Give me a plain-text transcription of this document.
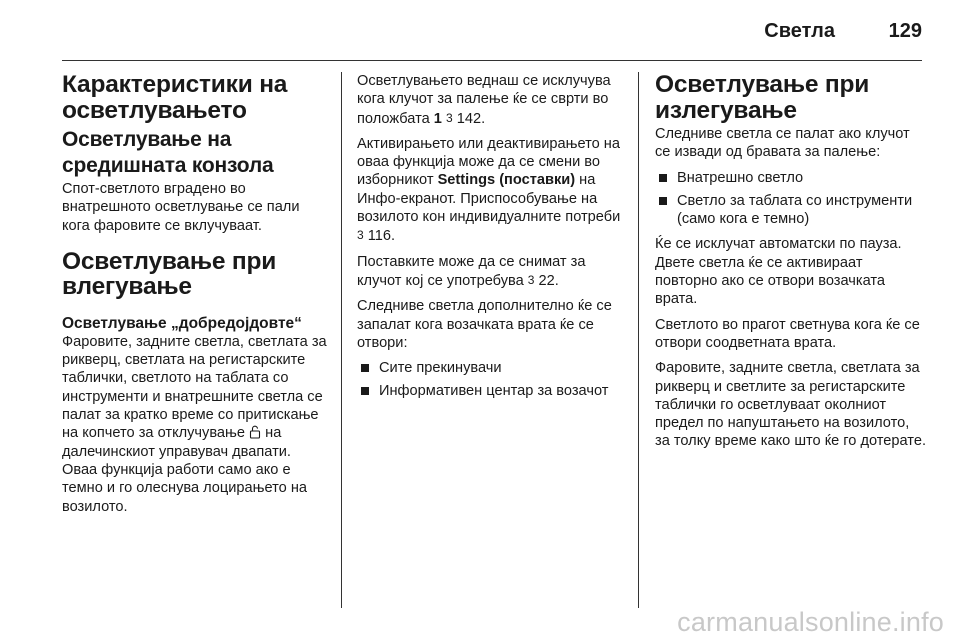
Светла	129
Карактеристики на осветлувањето
Осветлување на средишната конзола

Спот-светлото вградено во внатрешното осветлување се пали кога фаровите се вклучуваат.

Осветлување при влегување
Осветлување „добредојдовте“

Фаровите, задните светла, светлата за рикверц, светлата на регистарските таблички, светлото на таблата со инструменти и внатрешните светла се палат за кратко време со притискање на копчето за отклучување на далечинскиот управувач двапати. Оваа функција работи само ако е темно и го олеснува лоцирањето на возилото.

Осветлувањето веднаш се исклучува кога клучот за палење ќе се сврти во положбата 1 3 142.

Активирањето или деактивирањето на оваа функција може да се смени во изборникот Settings (поставки) на Инфо-екранот. Приспособување на возилото кон индивидуалните потреби 3 116.

Поставките може да се снимат за клучот кој се употребува 3 22.

Следниве светла дополнително ќе се запалат кога возачката врата ќе се отвори:

Сите прекинувачи
Информативен центар за возачот
Осветлување при излегување

Следниве светла се палат ако клучот се извади од бравата за палење:

Внатрешно светло
Светло за таблата со инструменти (само кога е темно)

Ќе се исклучат автоматски по пауза. Двете светла ќе се активираат повторно ако се отвори возачката врата.

Светлото во прагот светнува кога ќе се отвори соодветната врата.

Фаровите, задните светла, светлата за рикверц и светлите за регистарските таблички го осветлуваат околниот предел по напуштањето на возилото, за толку време како што ќе го дотерате.

carmanualsonline.info
